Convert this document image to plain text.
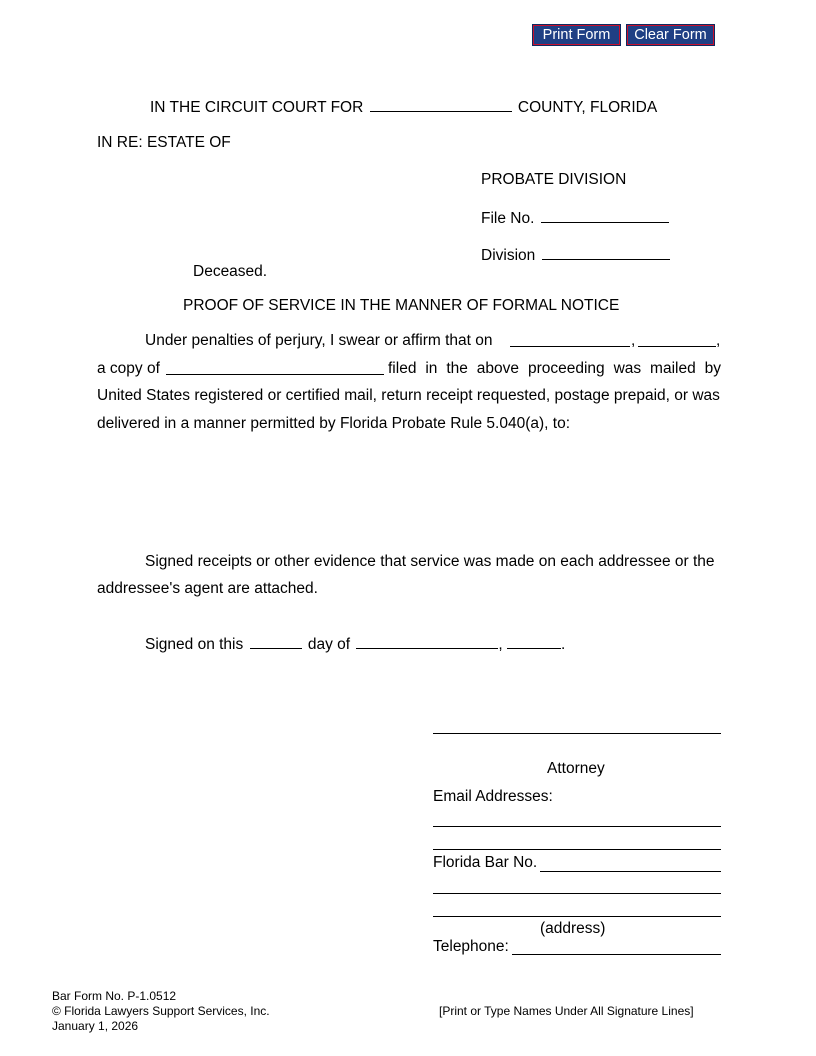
Print Form	Clear Form
IN THE CIRCUIT COURT FOR	COUNTY, FLORIDA
IN RE: ESTATE OF
PROBATE DIVISION
File No.
Division
Deceased.
PROOF OF SERVICE IN THE MANNER OF FORMAL NOTICE
Under penalties of perjury, I swear or affirm that on	,	,
a copy of	filed in the above proceeding was mailed by
United States registered or certified mail, return receipt requested, postage prepaid, or was
delivered in a manner permitted by Florida Probate Rule 5.040(a), to:
Signed receipts or other evidence that service was made on each addressee or the
addressee's agent are attached.
Signed on this	day of	,	.
Attorney
Email Addresses:
Florida Bar No.
(address)
Telephone:
Bar Form No. P-1.0512
© Florida Lawyers Support Services, Inc.
January 1, 2026
[Print or Type Names Under All Signature Lines]
